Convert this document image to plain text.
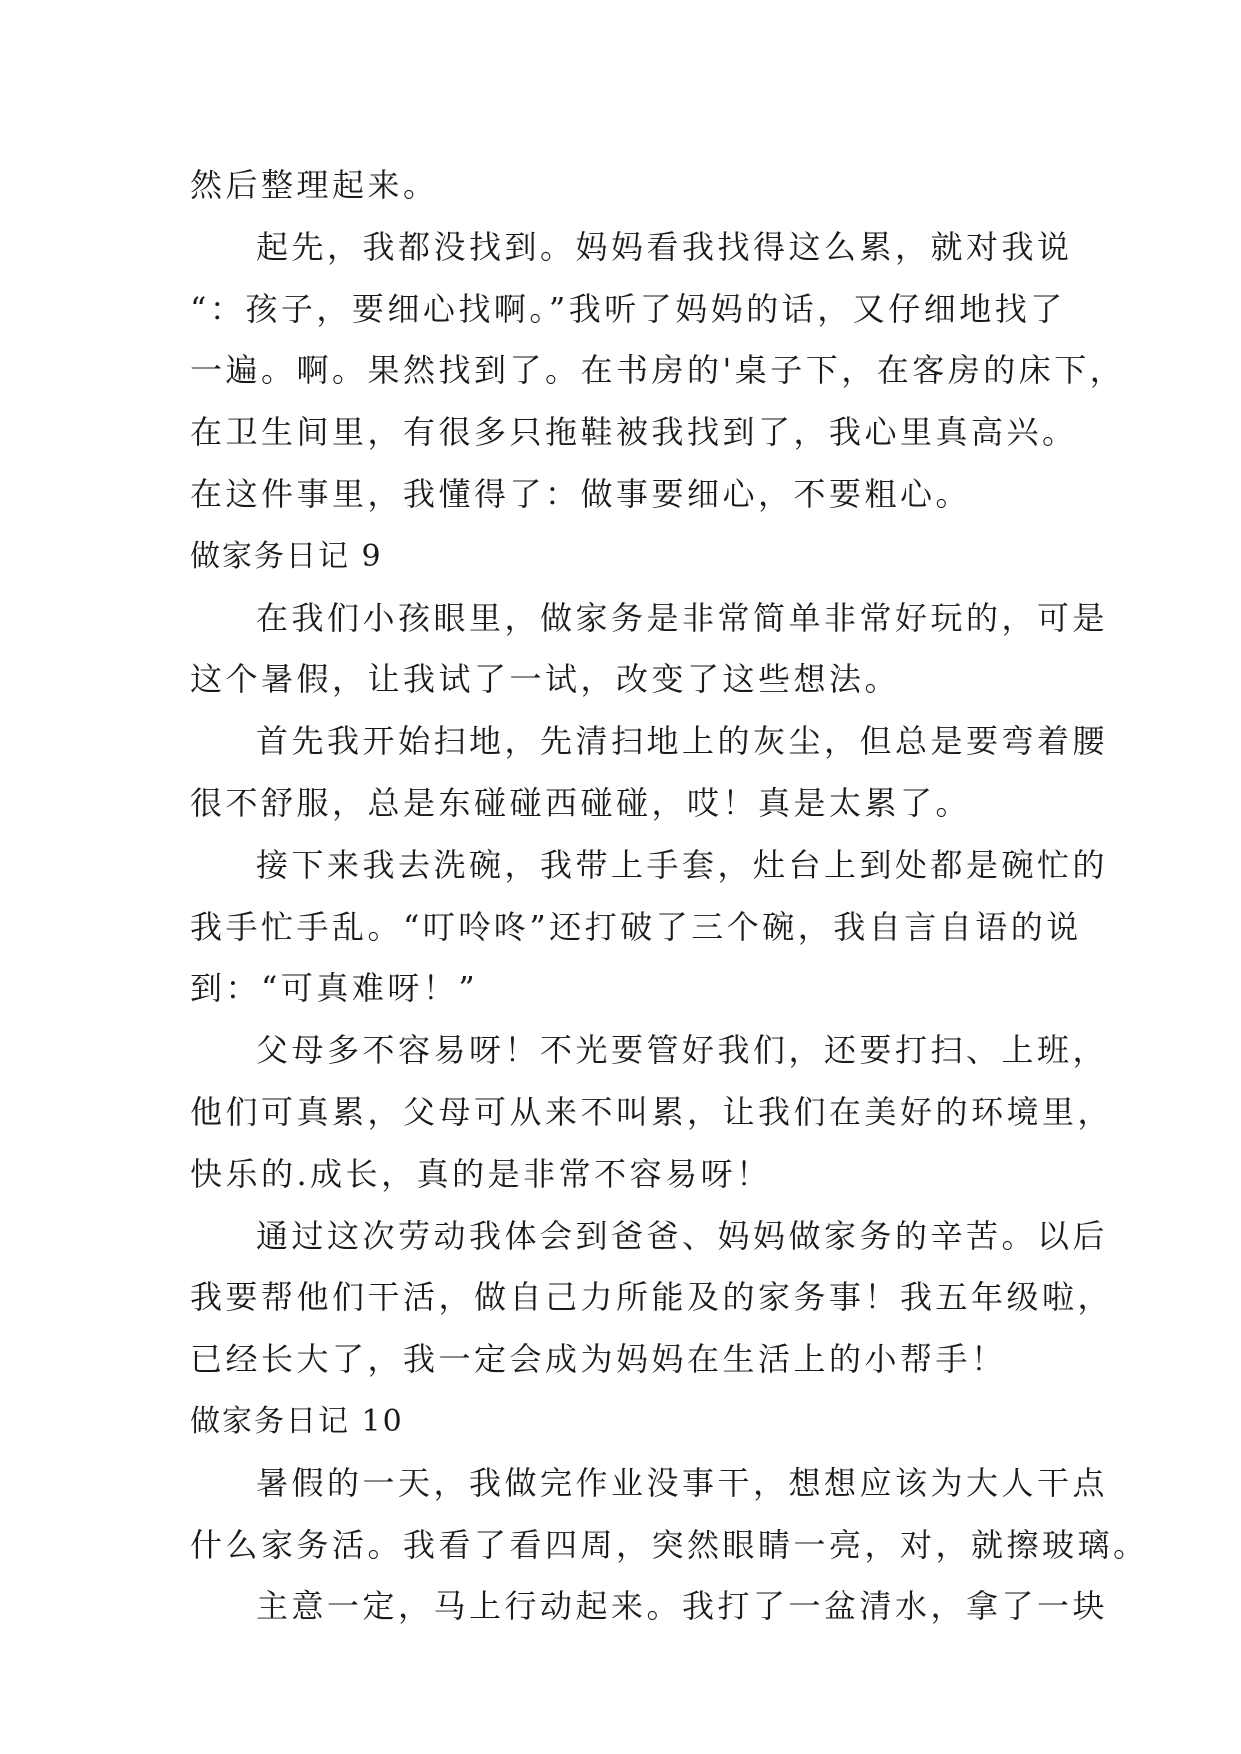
然后整理起来。
起先，我都没找到。妈妈看我找得这么累，就对我说
“：孩子，要细心找啊。”我听了妈妈的话，又仔细地找了
一遍。啊。果然找到了。在书房的'桌子下，在客房的床下，
在卫生间里，有很多只拖鞋被我找到了，我心里真高兴。
在这件事里，我懂得了：做事要细心，不要粗心。
做家务日记 9
在我们小孩眼里，做家务是非常简单非常好玩的，可是
这个暑假，让我试了一试，改变了这些想法。
首先我开始扫地，先清扫地上的灰尘，但总是要弯着腰
很不舒服，总是东碰碰西碰碰，哎！真是太累了。
接下来我去洗碗，我带上手套，灶台上到处都是碗忙的
我手忙手乱。“叮呤咚”还打破了三个碗，我自言自语的说
到：“可真难呀！”
父母多不容易呀！不光要管好我们，还要打扫、上班，
他们可真累，父母可从来不叫累，让我们在美好的环境里，
快乐的.成长，真的是非常不容易呀！
通过这次劳动我体会到爸爸、妈妈做家务的辛苦。以后
我要帮他们干活，做自己力所能及的家务事！我五年级啦，
已经长大了，我一定会成为妈妈在生活上的小帮手！
做家务日记 10
暑假的一天，我做完作业没事干，想想应该为大人干点
什么家务活。我看了看四周，突然眼睛一亮，对，就擦玻璃。
主意一定，马上行动起来。我打了一盆清水，拿了一块
